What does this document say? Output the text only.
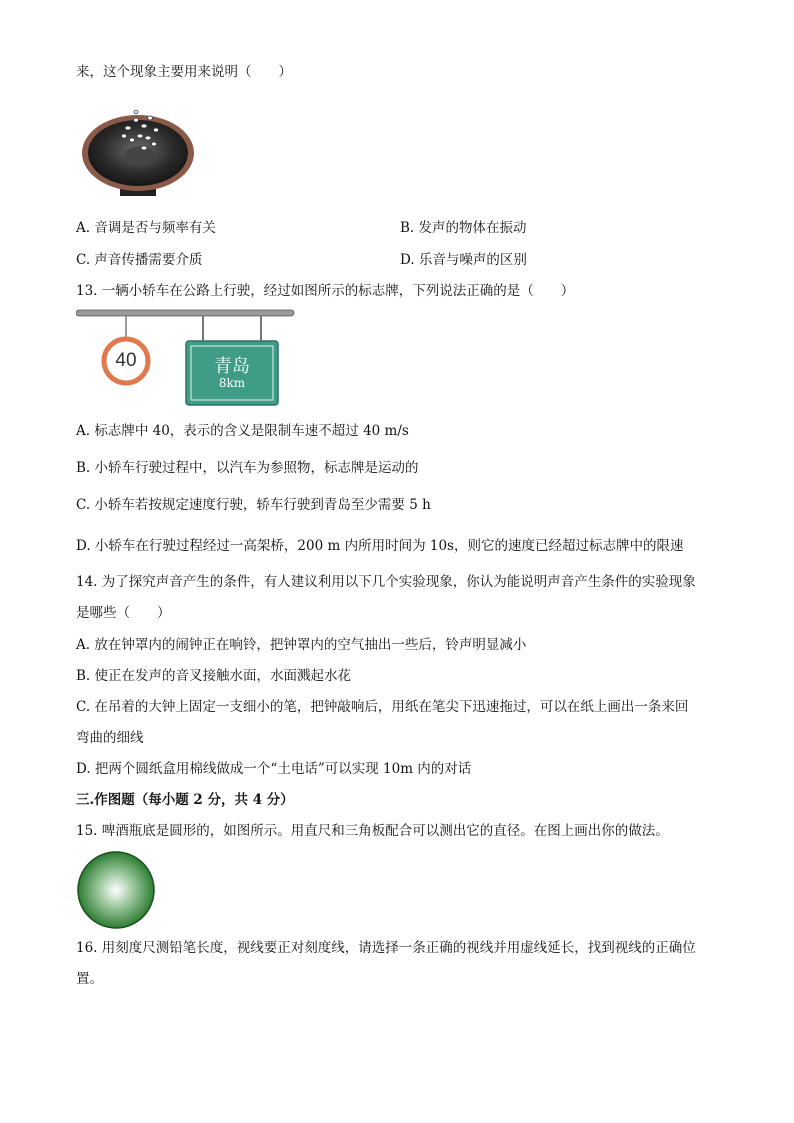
来，这个现象主要用来说明（　　）
A. 音调是否与频率有关	B. 发声的物体在振动
C. 声音传播需要介质	D. 乐音与噪声的区别
13. 一辆小轿车在公路上行驶，经过如图所示的标志牌，下列说法正确的是（　　）
40	青岛
8km
A. 标志牌中 40，表示的含义是限制车速不超过 40 m/s
B. 小轿车行驶过程中，以汽车为参照物，标志牌是运动的
C. 小轿车若按规定速度行驶，轿车行驶到青岛至少需要 5 h
D. 小轿车在行驶过程经过一高架桥，200 m 内所用时间为 10s，则它的速度已经超过标志牌中的限速
14. 为了探究声音产生的条件，有人建议利用以下几个实验现象，你认为能说明声音产生条件的实验现象
是哪些（　　）
A. 放在钟罩内的闹钟正在响铃，把钟罩内的空气抽出一些后，铃声明显减小
B. 使正在发声的音叉接触水面，水面溅起水花
C. 在吊着的大钟上固定一支细小的笔，把钟敲响后，用纸在笔尖下迅速拖过，可以在纸上画出一条来回
弯曲的细线
D. 把两个圆纸盒用棉线做成一个“土电话”可以实现 10m 内的对话
三.作图题（每小题 2 分，共 4 分）
15. 啤酒瓶底是圆形的，如图所示。用直尺和三角板配合可以测出它的直径。在图上画出你的做法。
16. 用刻度尺测铅笔长度，视线要正对刻度线，请选择一条正确的视线并用虚线延长，找到视线的正确位
置。
